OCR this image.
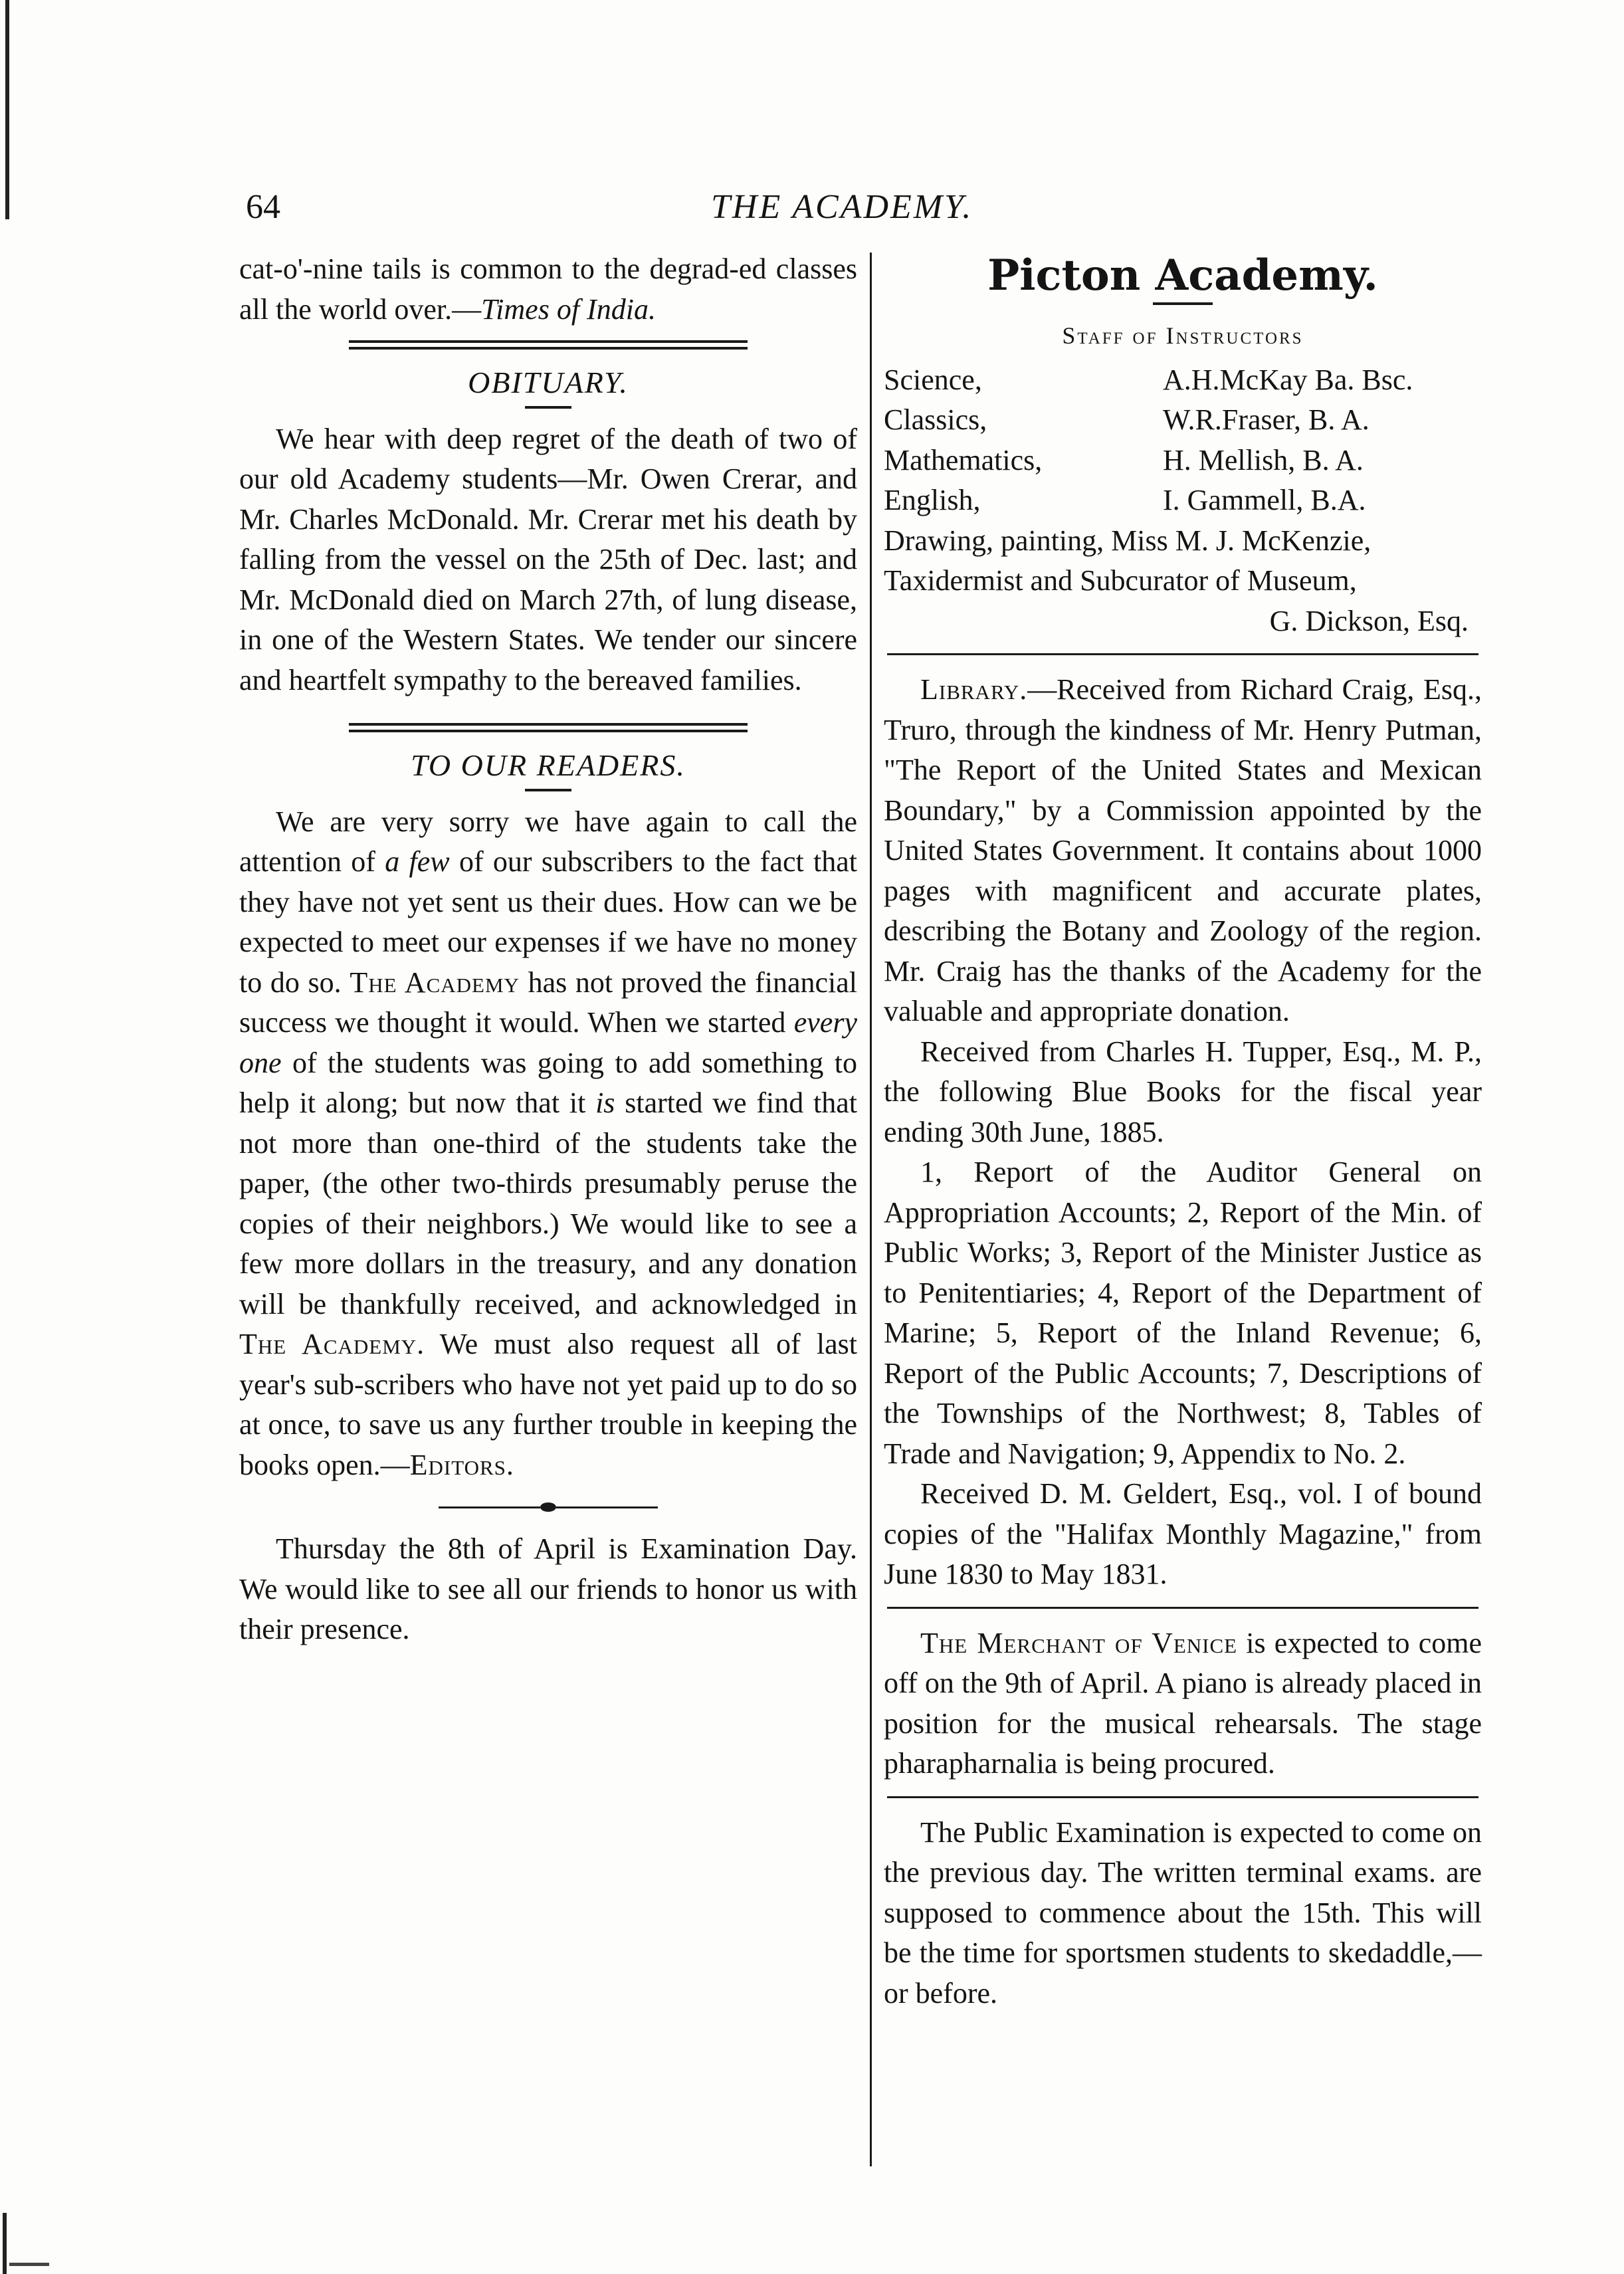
64	THE ACADEMY.

cat-o'-nine tails is common to the degrad-ed classes all the world over.—Times of India.

OBITUARY.

We hear with deep regret of the death of two of our old Academy students—Mr. Owen Crerar, and Mr. Charles McDonald. Mr. Crerar met his death by falling from the vessel on the 25th of Dec. last; and Mr. McDonald died on March 27th, of lung disease, in one of the Western States. We tender our sincere and heartfelt sympathy to the bereaved families.

TO OUR READERS.

We are very sorry we have again to call the attention of a few of our subscribers to the fact that they have not yet sent us their dues. How can we be expected to meet our expenses if we have no money to do so. The Academy has not proved the financial success we thought it would. When we started every one of the students was going to add something to help it along; but now that it is started we find that not more than one-third of the students take the paper, (the other two-thirds presumably peruse the copies of their neighbors.) We would like to see a few more dollars in the treasury, and any donation will be thankfully received, and acknowledged in The Academy. We must also request all of last year's sub-scribers who have not yet paid up to do so at once, to save us any further trouble in keeping the books open.—Editors.

Thursday the 8th of April is Examination Day. We would like to see all our friends to honor us with their presence.

Picton Academy.

Staff of Instructors

Science,	A.H.McKay Ba. Bsc.
Classics,	W.R.Fraser, B. A.
Mathematics,	H. Mellish, B. A.
English,	I. Gammell, B.A.
Drawing, painting, Miss M. J. McKenzie,
Taxidermist and Subcurator of Museum,
G. Dickson, Esq.

Library.—Received from Richard Craig, Esq., Truro, through the kindness of Mr. Henry Putman, "The Report of the United States and Mexican Boundary," by a Commission appointed by the United States Government. It contains about 1000 pages with magnificent and accurate plates, describing the Botany and Zoology of the region. Mr. Craig has the thanks of the Academy for the valuable and appropriate donation.

Received from Charles H. Tupper, Esq., M. P., the following Blue Books for the fiscal year ending 30th June, 1885.

1, Report of the Auditor General on Appropriation Accounts; 2, Report of the Min. of Public Works; 3, Report of the Minister Justice as to Penitentiaries; 4, Report of the Department of Marine; 5, Report of the Inland Revenue; 6, Report of the Public Accounts; 7, Descriptions of the Townships of the Northwest; 8, Tables of Trade and Navigation; 9, Appendix to No. 2.

Received D. M. Geldert, Esq., vol. I of bound copies of the "Halifax Monthly Magazine," from June 1830 to May 1831.

The Merchant of Venice is expected to come off on the 9th of April. A piano is already placed in position for the musical rehearsals. The stage pharapharnalia is being procured.

The Public Examination is expected to come on the previous day. The written terminal exams. are supposed to commence about the 15th. This will be the time for sportsmen students to skedaddle,—or before.
